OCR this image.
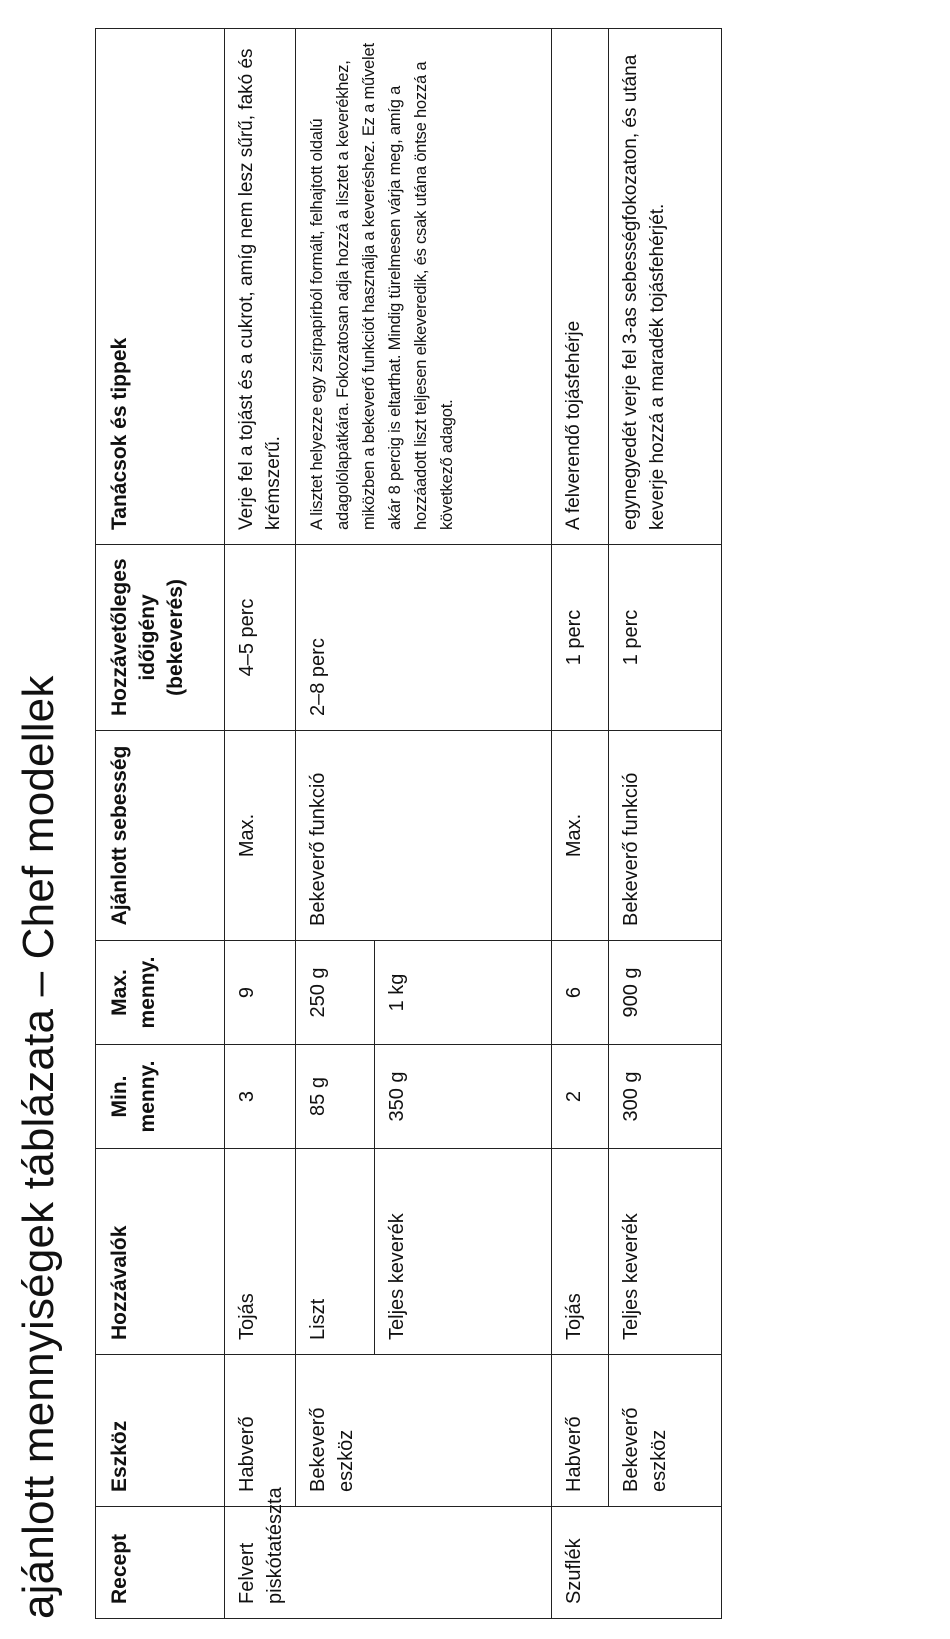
ajánlott mennyiségek táblázata – Chef modellek	Recept	Eszköz	Hozzávalók	Min. menny.	Max. menny.	Ajánlott sebesség	Hozzávetőleges időigény (bekeverés)	Tanácsok és tippek
Felvert piskótatészta	Habverő	Tojás	3	9	Max.	4–5 perc	Verje fel a tojást és a cukrot, amíg nem lesz sűrű, fakó és krémszerű.
	Bekeverő eszköz	Liszt	85 g	250 g	Bekeverő funkció	2–8 perc	A lisztet helyezze egy zsírpapírból formált, felhajtott oldalú adagolólapátkára. Fokozatosan adja hozzá a lisztet a keverékhez, miközben a bekeverő funkciót használja a keveréshez. Ez a művelet akár 8 percig is eltarthat. Mindig türelmesen várja meg, amíg a hozzáadott liszt teljesen elkeveredik, és csak utána öntse hozzá a következő adagot.
		Teljes keverék	350 g	1 kg			
Szuflék	Habverő	Tojás	2	6	Max.	1 perc	A felverendő tojásfehérje
	Bekeverő eszköz	Teljes keverék	300 g	900 g	Bekeverő funkció	1 perc	egynegyedét verje fel 3-as sebességfokozaton, és utána keverje hozzá a maradék tojásfehérjét.
